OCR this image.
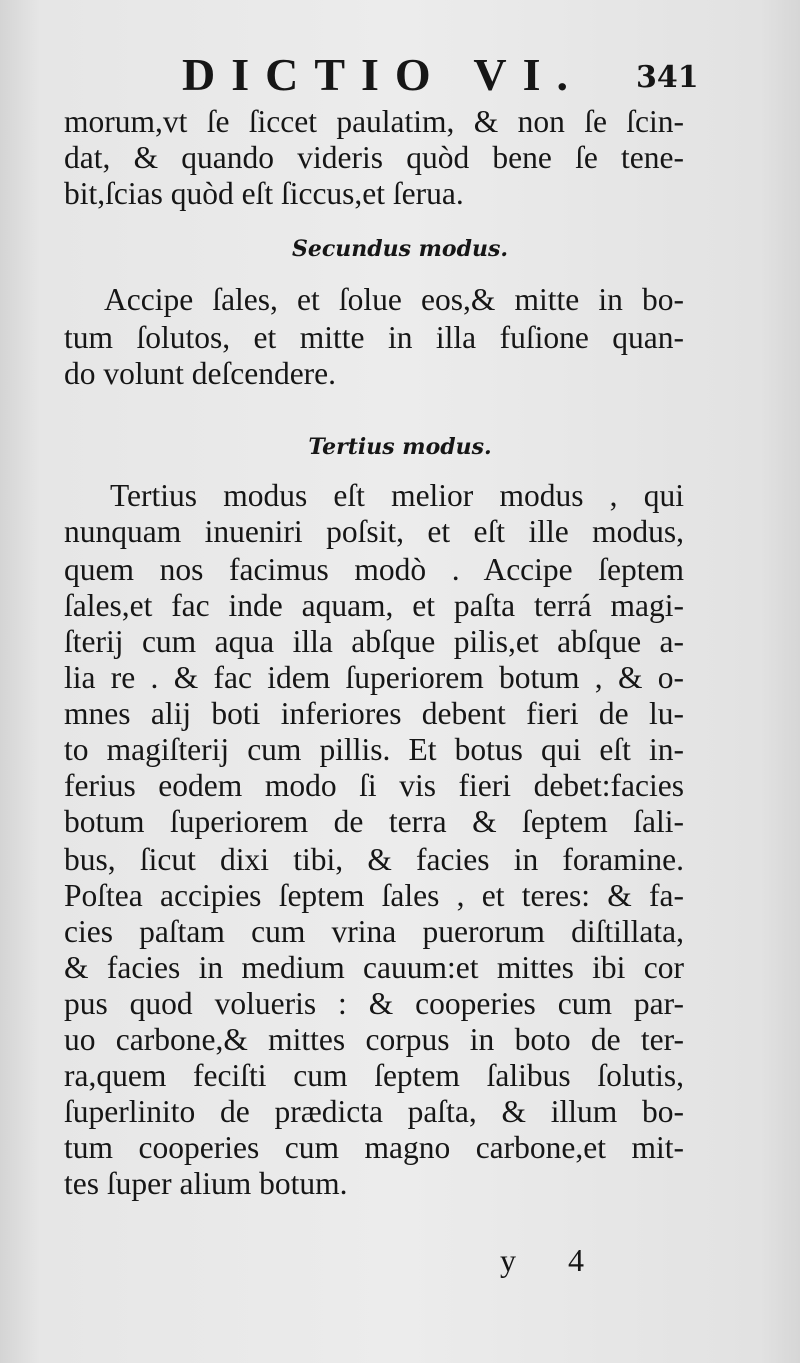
DICTIO VI. 341
morum,vt ſe ſiccet paulatim, & non ſe ſcin-
dat, & quando videris quòd bene ſe tene-
bit,ſcias quòd eſt ſiccus,et ſerua.
Secundus modus.
Accipe ſales, et ſolue eos,& mitte in bo-
tum ſolutos, et mitte in illa fuſione quan-
do volunt deſcendere.
Tertius modus.
Tertius modus eſt melior modus , qui
nunquam inueniri poſsit, et eſt ille modus,
quem nos facimus modò . Accipe ſeptem
ſales,et fac inde aquam, et paſta terrá magi-
ſterij cum aqua illa abſque pilis,et abſque a-
lia re . & fac idem ſuperiorem botum , & o-
mnes alij boti inferiores debent fieri de lu-
to magiſterij cum pillis. Et botus qui eſt in-
ferius eodem modo ſi vis fieri debet:facies
botum ſuperiorem de terra & ſeptem ſali-
bus, ſicut dixi tibi, & facies in foramine.
Poſtea accipies ſeptem ſales , et teres: & fa-
cies paſtam cum vrina puerorum diſtillata,
& facies in medium cauum:et mittes ibi cor
pus quod volueris : & cooperies cum par-
uo carbone,& mittes corpus in boto de ter-
ra,quem feciſti cum ſeptem ſalibus ſolutis,
ſuperlinito de prædicta paſta, & illum bo-
tum cooperies cum magno carbone,et mit-
tes ſuper alium botum.
y 4
